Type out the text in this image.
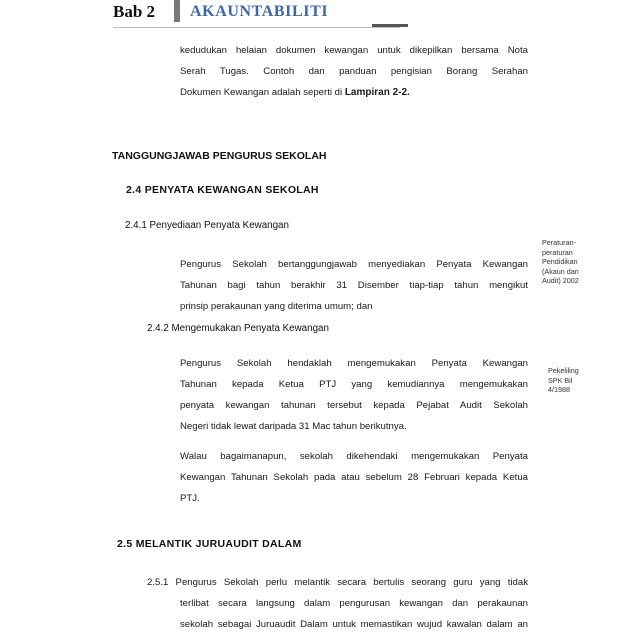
Bab 2 AKAUNTABILITI
kedudukan helaian dokumen kewangan untuk dikepilkan bersama Nota
Serah Tugas. Contoh dan panduan pengisian Borang Serahan
Dokumen Kewangan adalah seperti di Lampiran 2-2.
TANGGUNGJAWAB PENGURUS SEKOLAH
2.4 PENYATA KEWANGAN SEKOLAH
2.4.1 Penyediaan Penyata Kewangan
Pengurus Sekolah bertanggungjawab menyediakan Penyata Kewangan
Tahunan bagi tahun berakhir 31 Disember tiap-tiap tahun mengikut
prinsip perakaunan yang diterima umum; dan
2.4.2 Mengemukakan Penyata Kewangan
Pengurus Sekolah hendaklah mengemukakan Penyata Kewangan
Tahunan kepada Ketua PTJ yang kemudiannya mengemukakan
penyata kewangan tahunan tersebut kepada Pejabat Audit Sekolah
Negeri tidak lewat daripada 31 Mac tahun berikutnya.
Walau bagaimanapun, sekolah dikehendaki mengemukakan Penyata
Kewangan Tahunan Sekolah pada atau sebelum 28 Februari kepada Ketua
PTJ.
2.5 MELANTIK JURUAUDIT DALAM
2.5.1 Pengurus Sekolah perlu melantik secara bertulis seorang guru yang tidak
terlibat secara langsung dalam pengurusan kewangan dan perakaunan
sekolah sebagai Juruaudit Dalam untuk memastikan wujud kawalan dalam an
Peraturan-
peraturan
Pendidikan
(Akaun dan
Audit) 2002
Pekeliling
SPK Bil
4/1988
